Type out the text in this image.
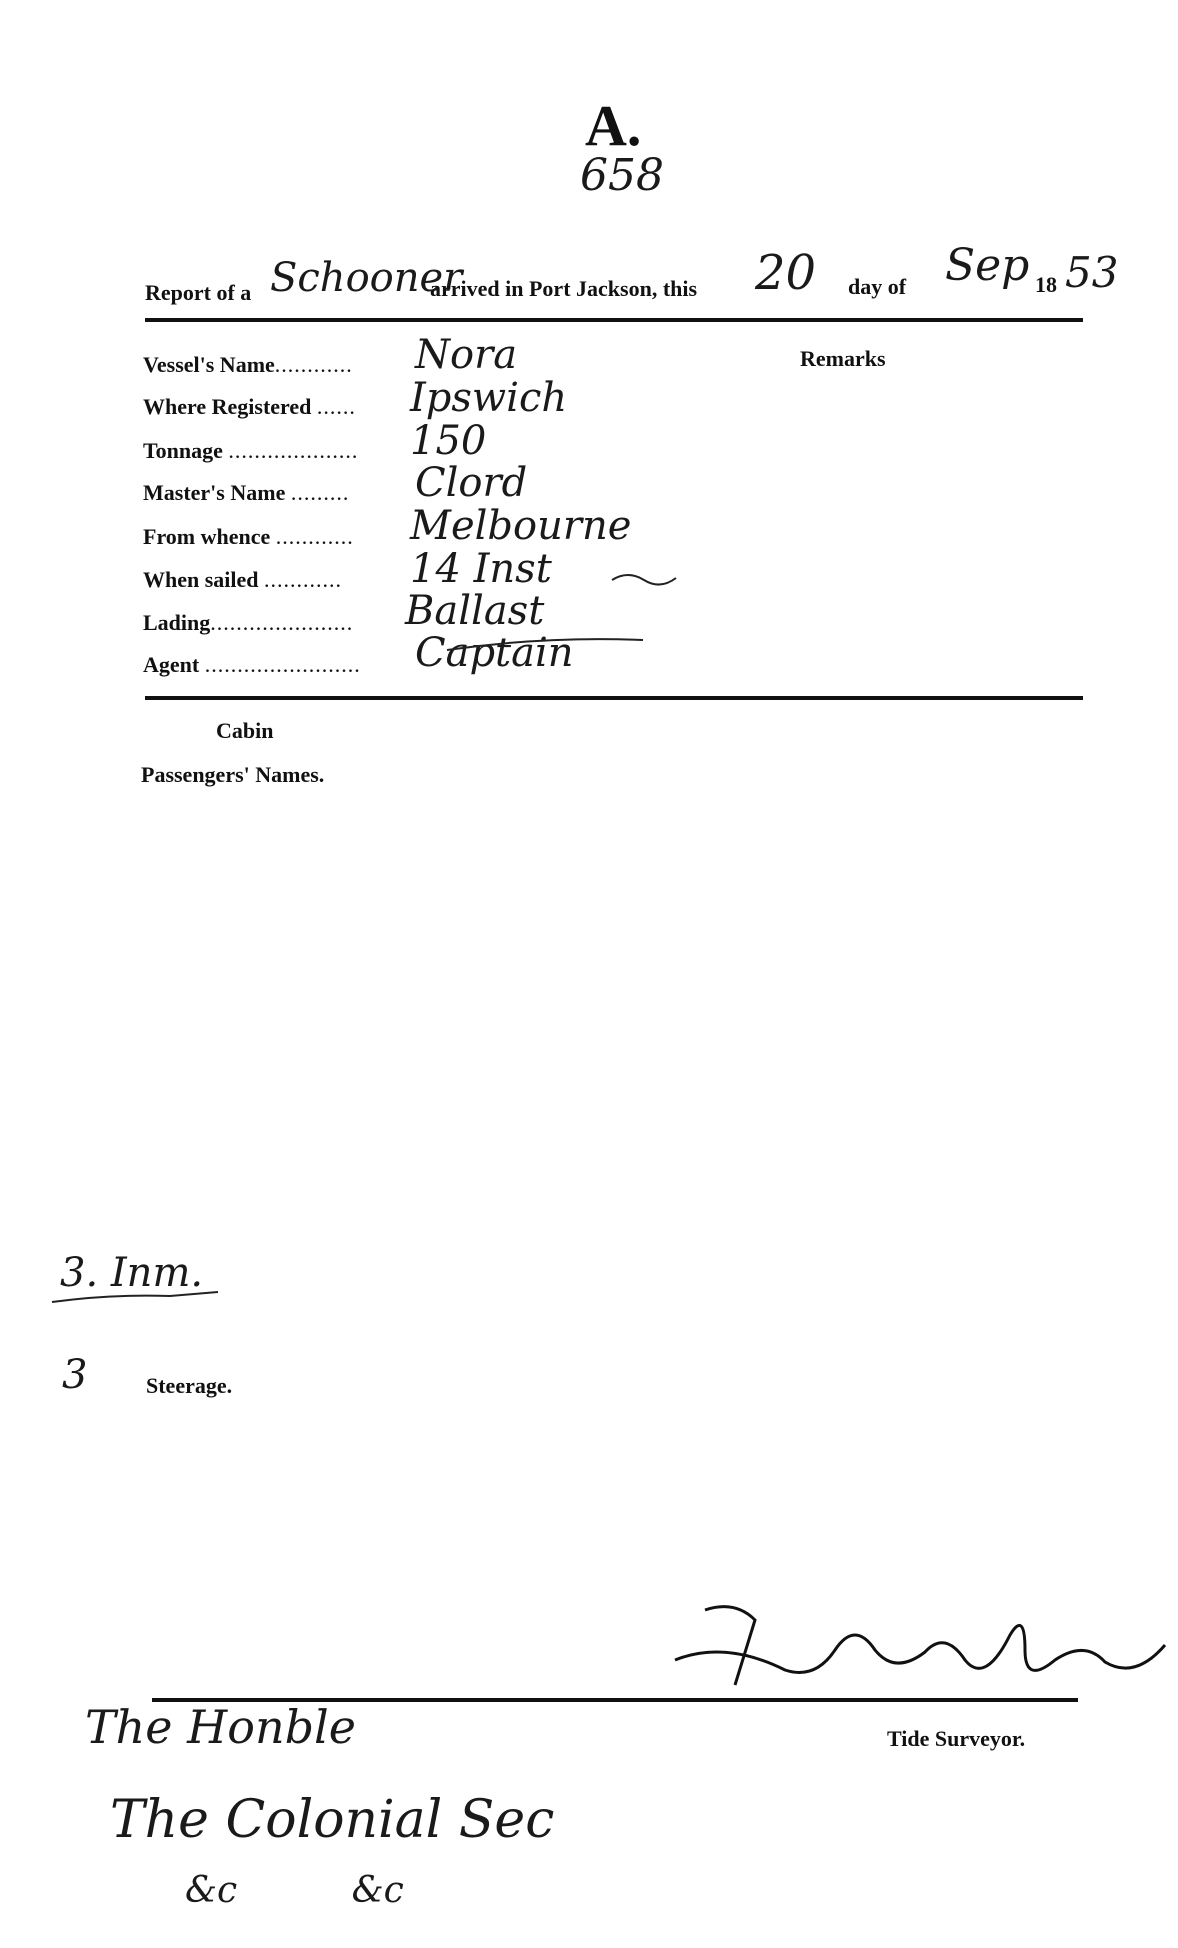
A.
658
Report of a Schooner
arrived in Port Jackson, this 20 day of Sep 18 53
Vessel's Name............ Nora	Remarks
Where Registered ...... Ipswich
Tonnage .................... 150
Master's Name ......... Clord
From whence ............ Melbourne
When sailed ............ 14 Inst
Lading...................... Ballast
Agent ........................ Captain
Cabin
Passengers' Names.
3. Inm.
3	Steerage.
Tide Surveyor.
The Honble
The Colonial Sec
&c          &c
